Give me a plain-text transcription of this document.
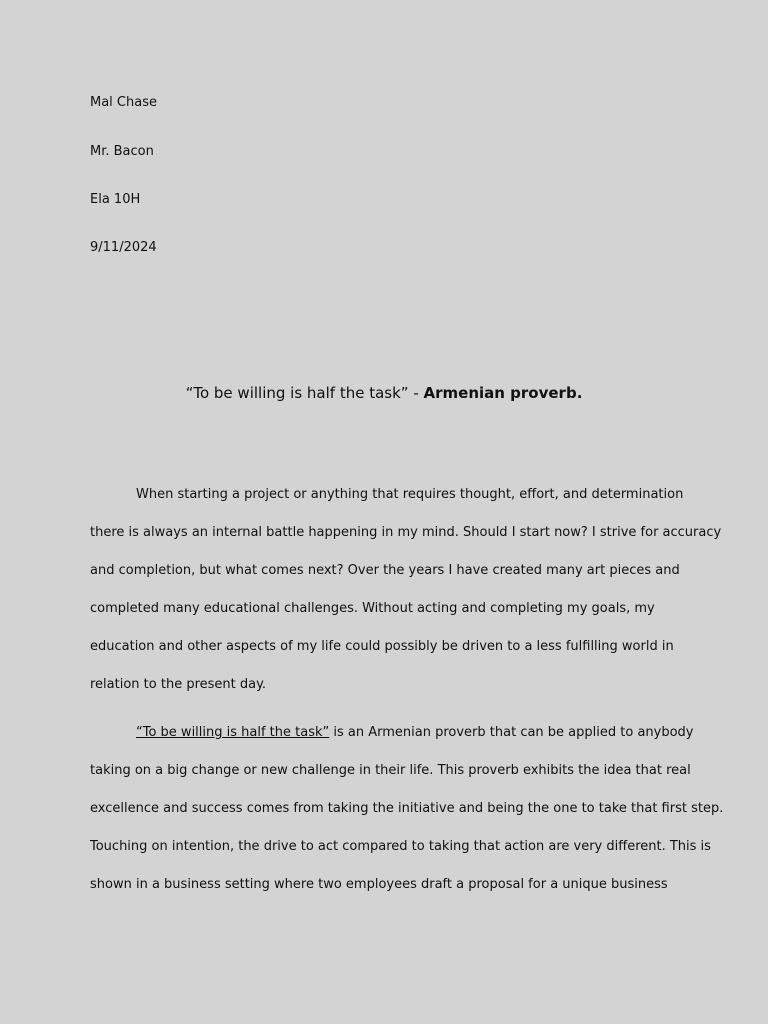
Mal Chase

Mr. Bacon

Ela 10H

9/11/2024

“To be willing is half the task” - Armenian proverb.

When starting a project or anything that requires thought, effort, and determination
there is always an internal battle happening in my mind. Should I start now? I strive for accuracy
and completion, but what comes next? Over the years I have created many art pieces and
completed many educational challenges. Without acting and completing my goals, my
education and other aspects of my life could possibly be driven to a less fulfilling world in
relation to the present day.
“To be willing is half the task” is an Armenian proverb that can be applied to anybody
taking on a big change or new challenge in their life. This proverb exhibits the idea that real
excellence and success comes from taking the initiative and being the one to take that first step.
Touching on intention, the drive to act compared to taking that action are very different. This is
shown in a business setting where two employees draft a proposal for a unique business
